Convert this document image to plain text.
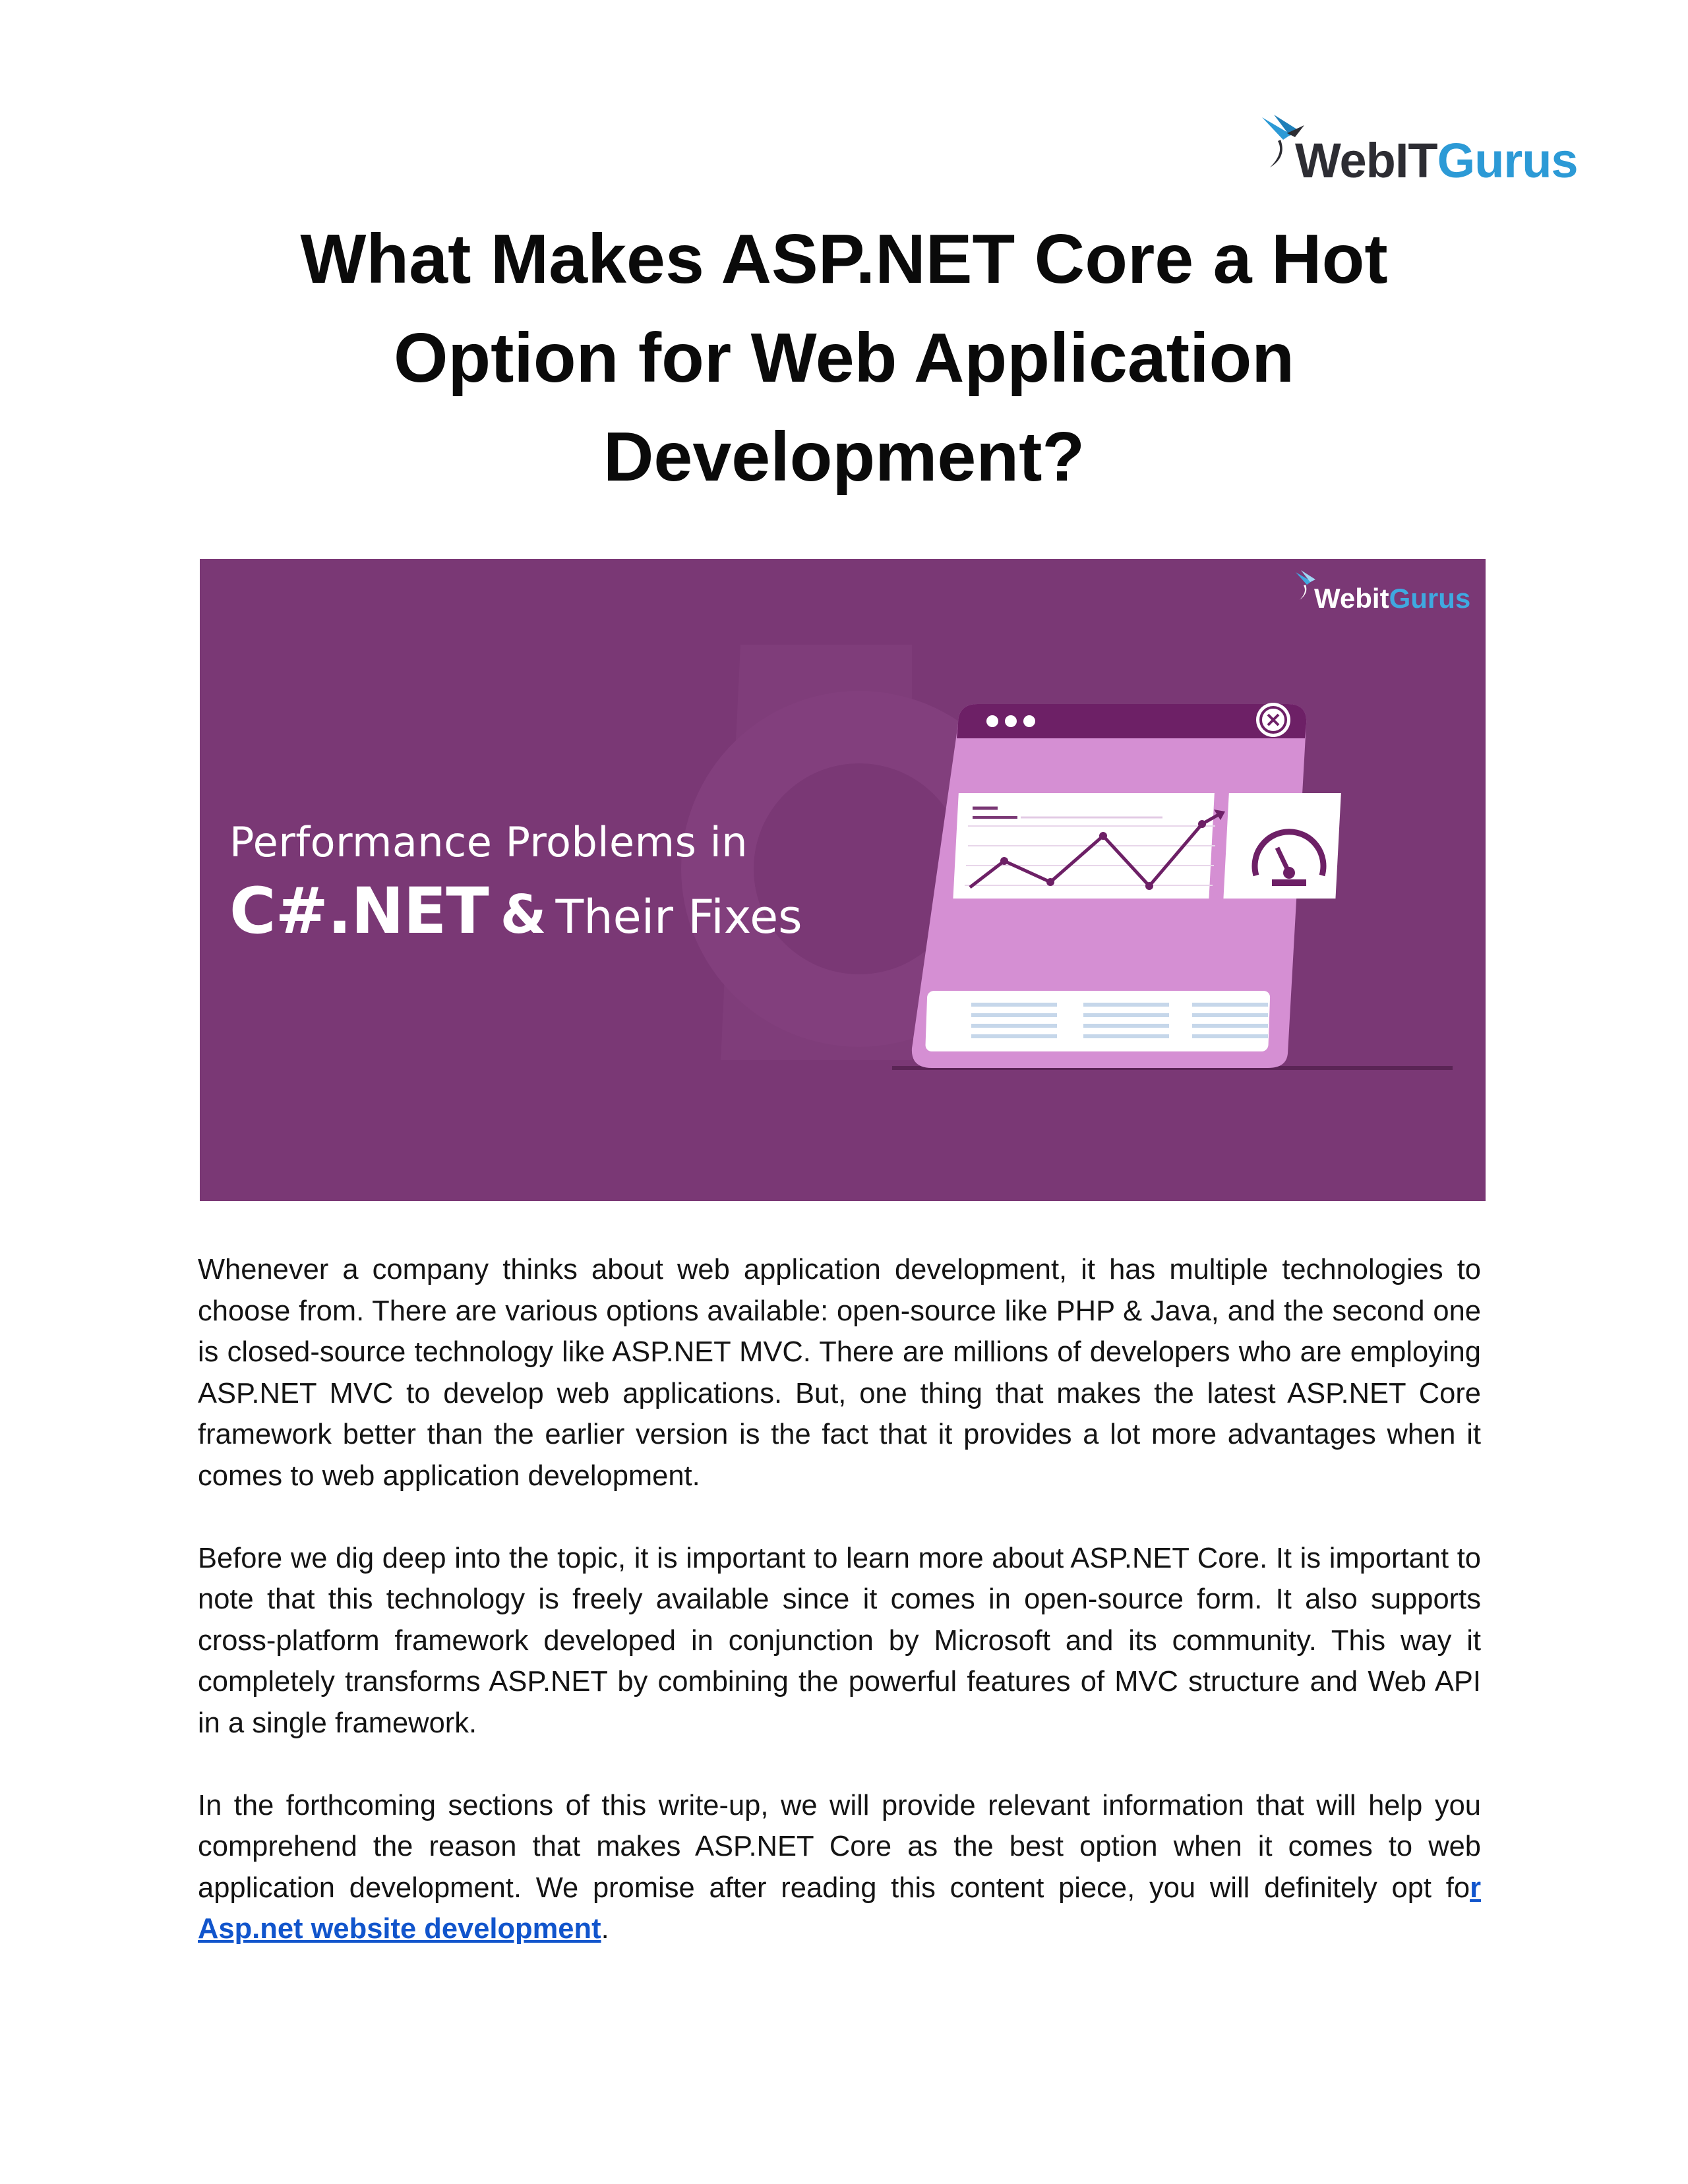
WebITGurus
What Makes ASP.NET Core a Hot
Option for Web Application
Development?
WebitGurus
Performance Problems in
C#.NET & Their Fixes

Whenever a company thinks about web application development, it has multiple technologies to choose from. There are various options available: open-source like PHP & Java, and the second one is closed-source technology like ASP.NET MVC. There are millions of developers who are employing ASP.NET MVC to develop web applications. But, one thing that makes the latest ASP.NET Core framework better than the earlier version is the fact that it provides a lot more advantages when it comes to web application development.

Before we dig deep into the topic, it is important to learn more about ASP.NET Core. It is important to note that this technology is freely available since it comes in open-source form. It also supports cross-platform framework developed in conjunction by Microsoft and its community. This way it completely transforms ASP.NET by combining the powerful features of MVC structure and Web API in a single framework.

In the forthcoming sections of this write-up, we will provide relevant information that will help you comprehend the reason that makes ASP.NET Core as the best option when it comes to web application development. We promise after reading this content piece, you will definitely opt for Asp.net website development.
